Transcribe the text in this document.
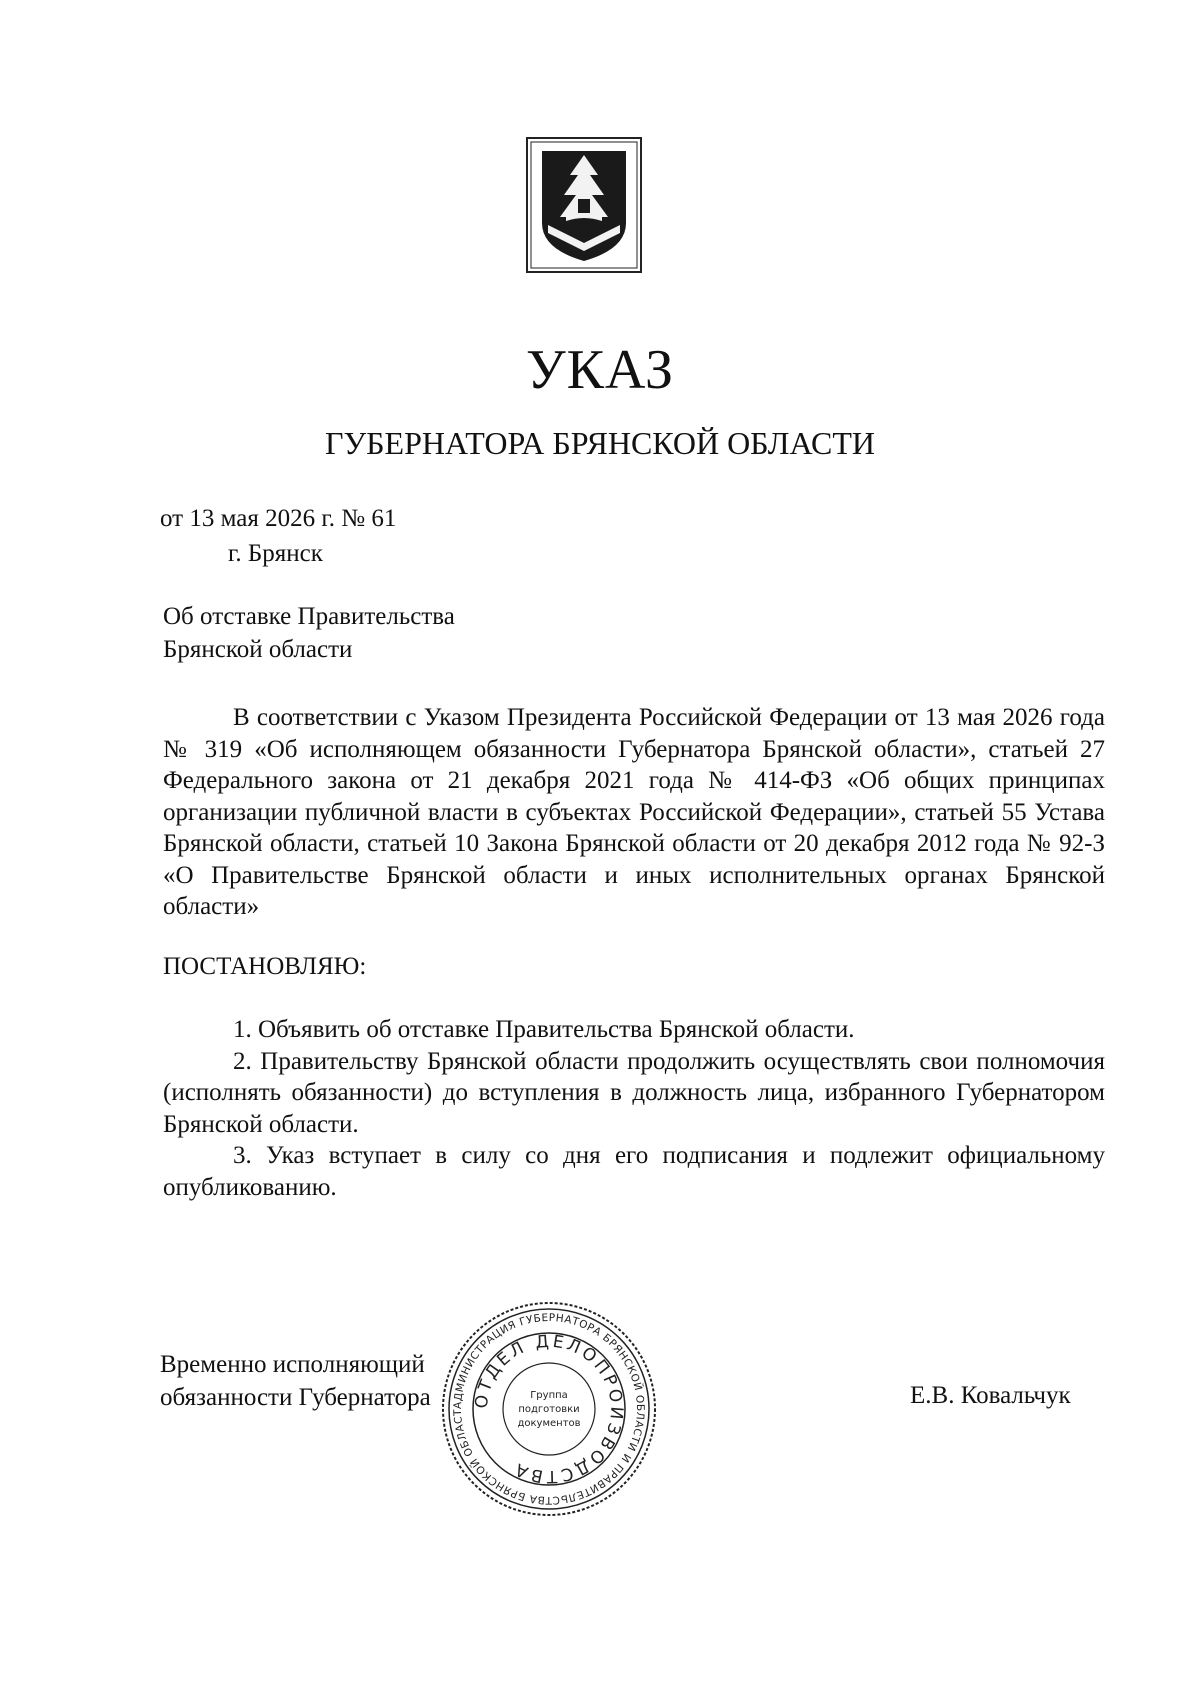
УКАЗ
ГУБЕРНАТОРА БРЯНСКОЙ ОБЛАСТИ
от 13 мая 2026 г. № 61
г. Брянск
Об отставке Правительства
Брянской области

В соответствии с Указом Президента Российской Федерации от 13 мая 2026 года № 319 «Об исполняющем обязанности Губернатора Брянской области», статьей 27 Федерального закона от 21 декабря 2021 года № 414-ФЗ «Об общих принципах организации публичной власти в субъектах Российской Федерации», статьей 55 Устава Брянской области, статьей 10 Закона Брянской области от 20 декабря 2012 года № 92-З «О Правительстве Брянской области и иных исполнительных органах Брянской области»

ПОСТАНОВЛЯЮ:

1. Объявить об отставке Правительства Брянской области.

2. Правительству Брянской области продолжить осуществлять свои полномочия (исполнять обязанности) до вступления в должность лица, избранного Губернатором Брянской области.

3. Указ вступает в силу со дня его подписания и подлежит официальному опубликованию.

АДМИНИСТРАЦИЯ ГУБЕРНАТОРА БРЯНСКОЙ ОБЛАСТИ И ПРАВИТЕЛЬСТВА БРЯНСКОЙ ОБЛАСТ
ОТДЕЛ ДЕЛОПРОИЗВОДСТВА
Группа
подготовки
документов
Временно исполняющий
обязанности Губернатора	Е.В. Ковальчук
